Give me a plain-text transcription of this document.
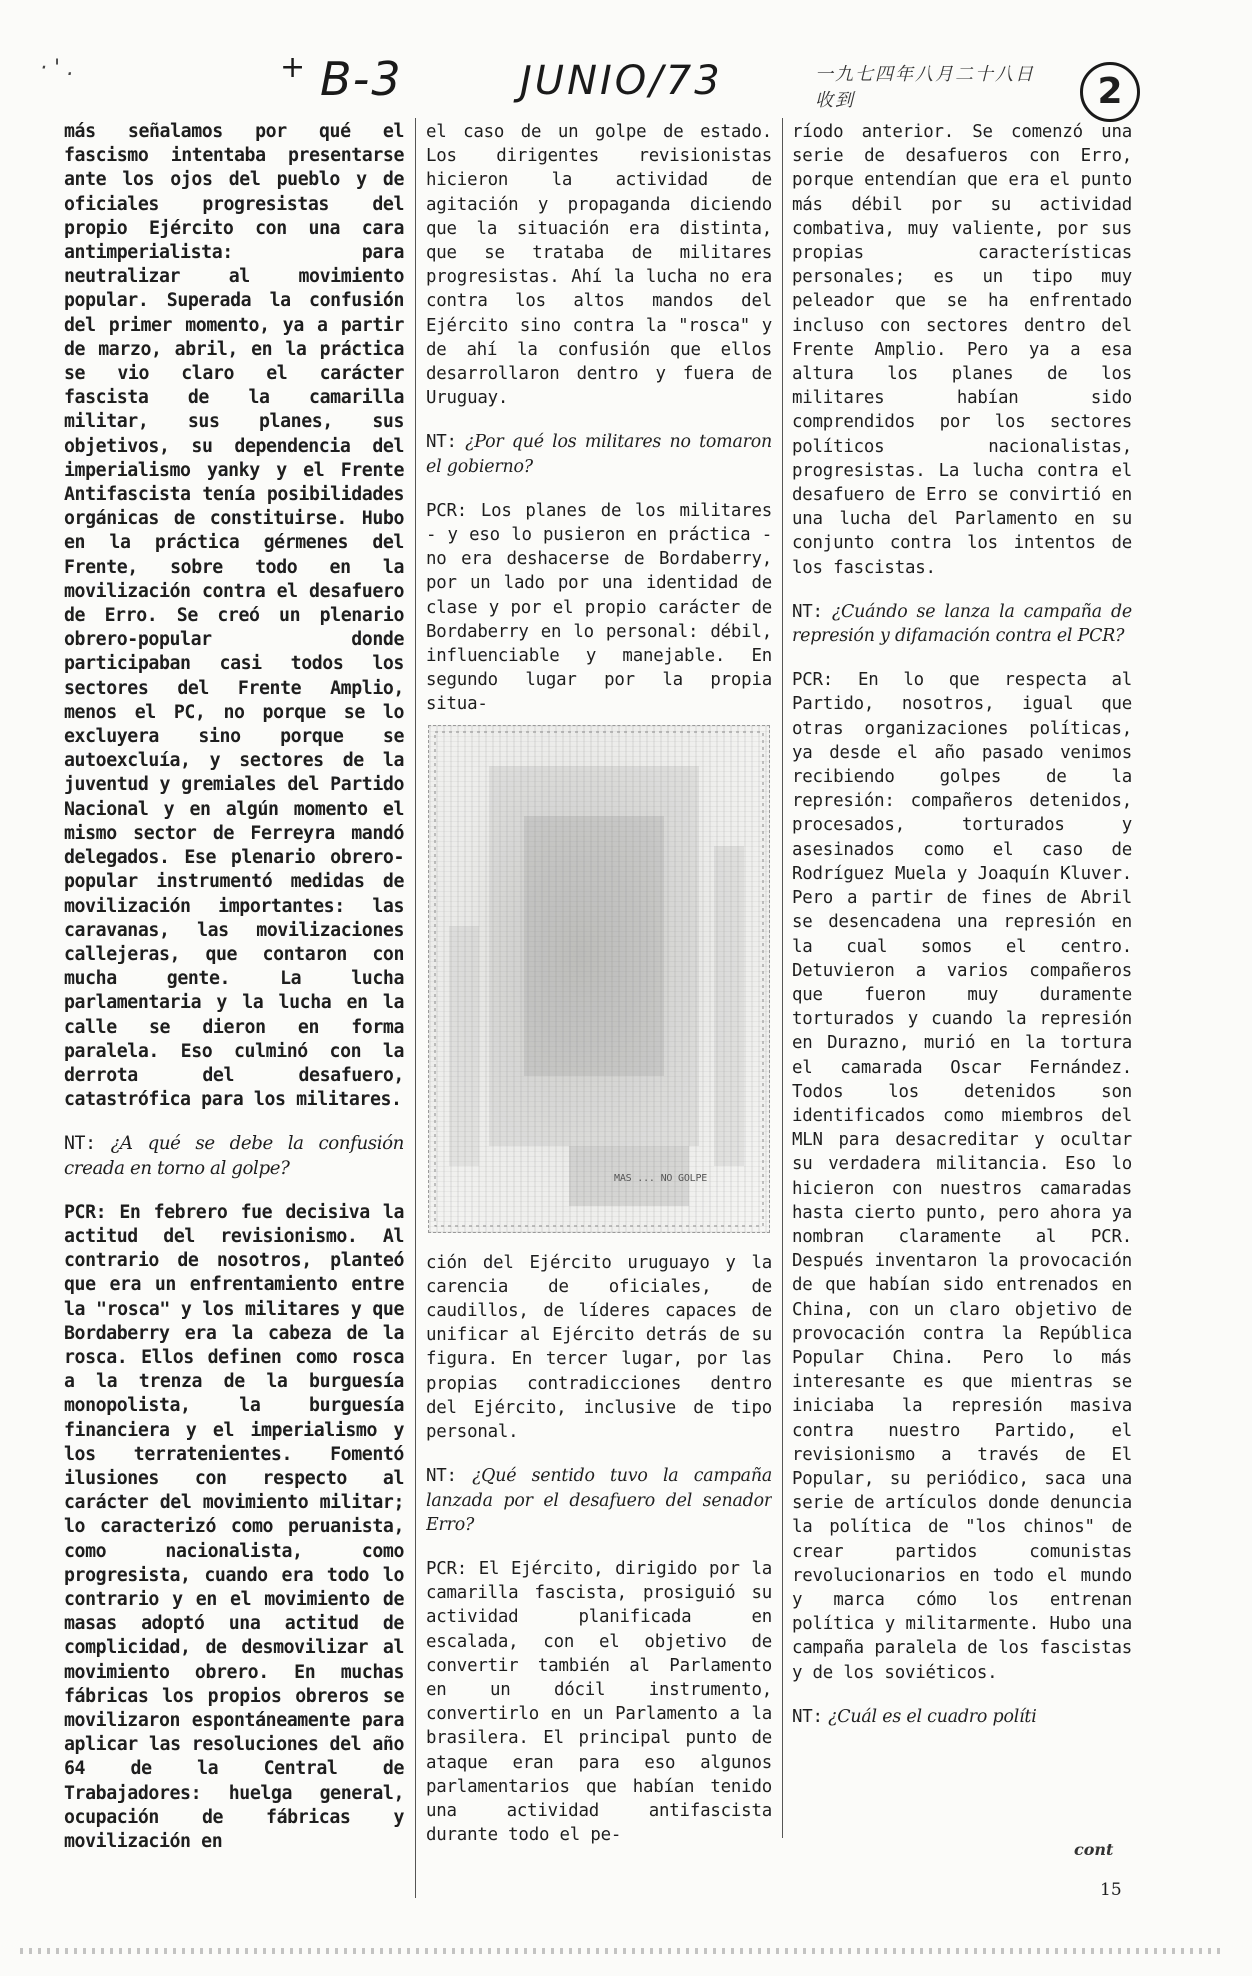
· ' .	+ B-3	JUNIO/73	一九七四年八月二十八日 收到	2

más señalamos por qué el fascismo intentaba presentarse ante los ojos del pueblo y de oficiales progresistas del propio Ejército con una cara antimperialista: para neutralizar al movimiento popular. Superada la confusión del primer momento, ya a partir de marzo, abril, en la práctica se vio claro el carácter fascista de la camarilla militar, sus planes, sus objetivos, su dependencia del imperialismo yanky y el Frente Antifascista tenía posibilidades orgánicas de constituirse. Hubo en la práctica gérmenes del Frente, sobre todo en la movilización contra el desafuero de Erro. Se creó un plenario obrero-popular donde participaban casi todos los sectores del Frente Amplio, menos el PC, no porque se lo excluyera sino porque se autoexcluía, y sectores de la juventud y gremiales del Partido Nacional y en algún momento el mismo sector de Ferreyra mandó delegados. Ese plenario obrero-popular instrumentó medidas de movilización importantes: las caravanas, las movilizaciones callejeras, que contaron con mucha gente. La lucha parlamentaria y la lucha en la calle se dieron en forma paralela. Eso culminó con la derrota del desafuero, catastrófica para los militares.

NT: ¿A qué se debe la confusión creada en torno al golpe?

PCR: En febrero fue decisiva la actitud del revisionismo. Al contrario de nosotros, planteó que era un enfrentamiento entre la "rosca" y los militares y que Bordaberry era la cabeza de la rosca. Ellos definen como rosca a la trenza de la burguesía monopolista, la burguesía financiera y el imperialismo y los terratenientes. Fomentó ilusiones con respecto al carácter del movimiento militar; lo caracterizó como peruanista, como nacionalista, como progresista, cuando era todo lo contrario y en el movimiento de masas adoptó una actitud de complicidad, de desmovilizar al movimiento obrero. En muchas fábricas los propios obreros se movilizaron espontáneamente para aplicar las resoluciones del año 64 de la Central de Trabajadores: huelga general, ocupación de fábricas y movilización en

el caso de un golpe de estado. Los dirigentes revisionistas hicieron la actividad de agitación y propaganda diciendo que la situación era distinta, que se trataba de militares progresistas. Ahí la lucha no era contra los altos mandos del Ejército sino contra la "rosca" y de ahí la confusión que ellos desarrollaron dentro y fuera de Uruguay.

NT: ¿Por qué los militares no tomaron el gobierno?

PCR: Los planes de los militares - y eso lo pusieron en práctica - no era deshacerse de Bordaberry, por un lado por una identidad de clase y por el propio carácter de Bordaberry en lo personal: débil, influenciable y manejable. En segundo lugar por la propia situa-

MAS ... NO GOLPE

ción del Ejército uruguayo y la carencia de oficiales, de caudillos, de líderes capaces de unificar al Ejército detrás de su figura. En tercer lugar, por las propias contradicciones dentro del Ejército, inclusive de tipo personal.

NT: ¿Qué sentido tuvo la campaña lanzada por el desafuero del senador Erro?

PCR: El Ejército, dirigido por la camarilla fascista, prosiguió su actividad planificada en escalada, con el objetivo de convertir también al Parlamento en un dócil instrumento, convertirlo en un Parlamento a la brasilera. El principal punto de ataque eran para eso algunos parlamentarios que habían tenido una actividad antifascista durante todo el pe-

ríodo anterior. Se comenzó una serie de desafueros con Erro, porque entendían que era el punto más débil por su actividad combativa, muy valiente, por sus propias características personales; es un tipo muy peleador que se ha enfrentado incluso con sectores dentro del Frente Amplio. Pero ya a esa altura los planes de los militares habían sido comprendidos por los sectores políticos nacionalistas, progresistas. La lucha contra el desafuero de Erro se convirtió en una lucha del Parlamento en su conjunto contra los intentos de los fascistas.

NT: ¿Cuándo se lanza la campaña de represión y difamación contra el PCR?

PCR: En lo que respecta al Partido, nosotros, igual que otras organizaciones políticas, ya desde el año pasado venimos recibiendo golpes de la represión: compañeros detenidos, procesados, torturados y asesinados como el caso de Rodríguez Muela y Joaquín Kluver. Pero a partir de fines de Abril se desencadena una represión en la cual somos el centro. Detuvieron a varios compañeros que fueron muy duramente torturados y cuando la represión en Durazno, murió en la tortura el camarada Oscar Fernández. Todos los detenidos son identificados como miembros del MLN para desacreditar y ocultar su verdadera militancia. Eso lo hicieron con nuestros camaradas hasta cierto punto, pero ahora ya nombran claramente al PCR. Después inventaron la provocación de que habían sido entrenados en China, con un claro objetivo de provocación contra la República Popular China. Pero lo más interesante es que mientras se iniciaba la represión masiva contra nuestro Partido, el revisionismo a través de El Popular, su periódico, saca una serie de artículos donde denuncia la política de "los chinos" de crear partidos comunistas revolucionarios en todo el mundo y marca cómo los entrenan política y militarmente. Hubo una campaña paralela de los fascistas y de los soviéticos.

NT: ¿Cuál es el cuadro políti

cont
15
